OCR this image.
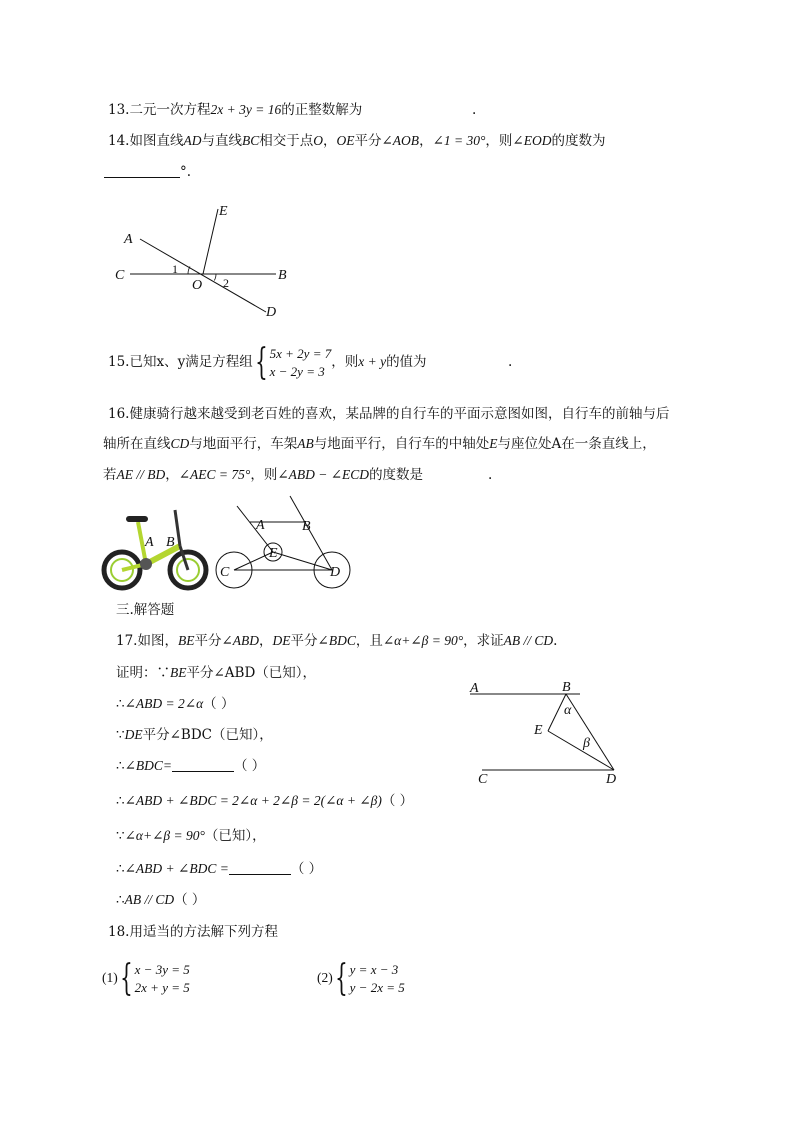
13.二元一次方程2x + 3y = 16的正整数解为	.
14.如图直线AD与直线BC相交于点O，OE平分∠AOB，∠1 = 30°，则∠EOD的度数为
°.
A
E
C	B
O
D
1
2
15.已知x、y满足方程组{ 5x + 2y = 7
x − 2y = 3
，则x + y的值为	.
16.健康骑行越来越受到老百姓的喜欢，某品牌的自行车的平面示意图如图，自行车的前轴与后
轴所在直线CD与地面平行，车架AB与地面平行，自行车的中轴处E与座位处A在一条直线上，
若AE // BD，∠AEC = 75°，则∠ABD − ∠ECD的度数是	.
A B
A	B
C	D
E
三.解答题
17.如图，BE平分∠ABD，DE平分∠BDC，且∠α+∠β = 90°，求证AB // CD.
证明：∵BE平分∠ABD（已知），
∴∠ABD = 2∠α（ ）
∵DE平分∠BDC（已知），
∴∠BDC=	（ ）
∴∠ABD + ∠BDC = 2∠α + 2∠β = 2(∠α + ∠β)（ ）
∵∠α+∠β = 90°（已知），
∴∠ABD + ∠BDC =	（ ）
∴AB // CD（ ）
A	B
C	D
E
α
β
18.用适当的方法解下列方程
(1){ x − 3y = 5
2x + y = 5
(2){ y = x − 3
y − 2x = 5
